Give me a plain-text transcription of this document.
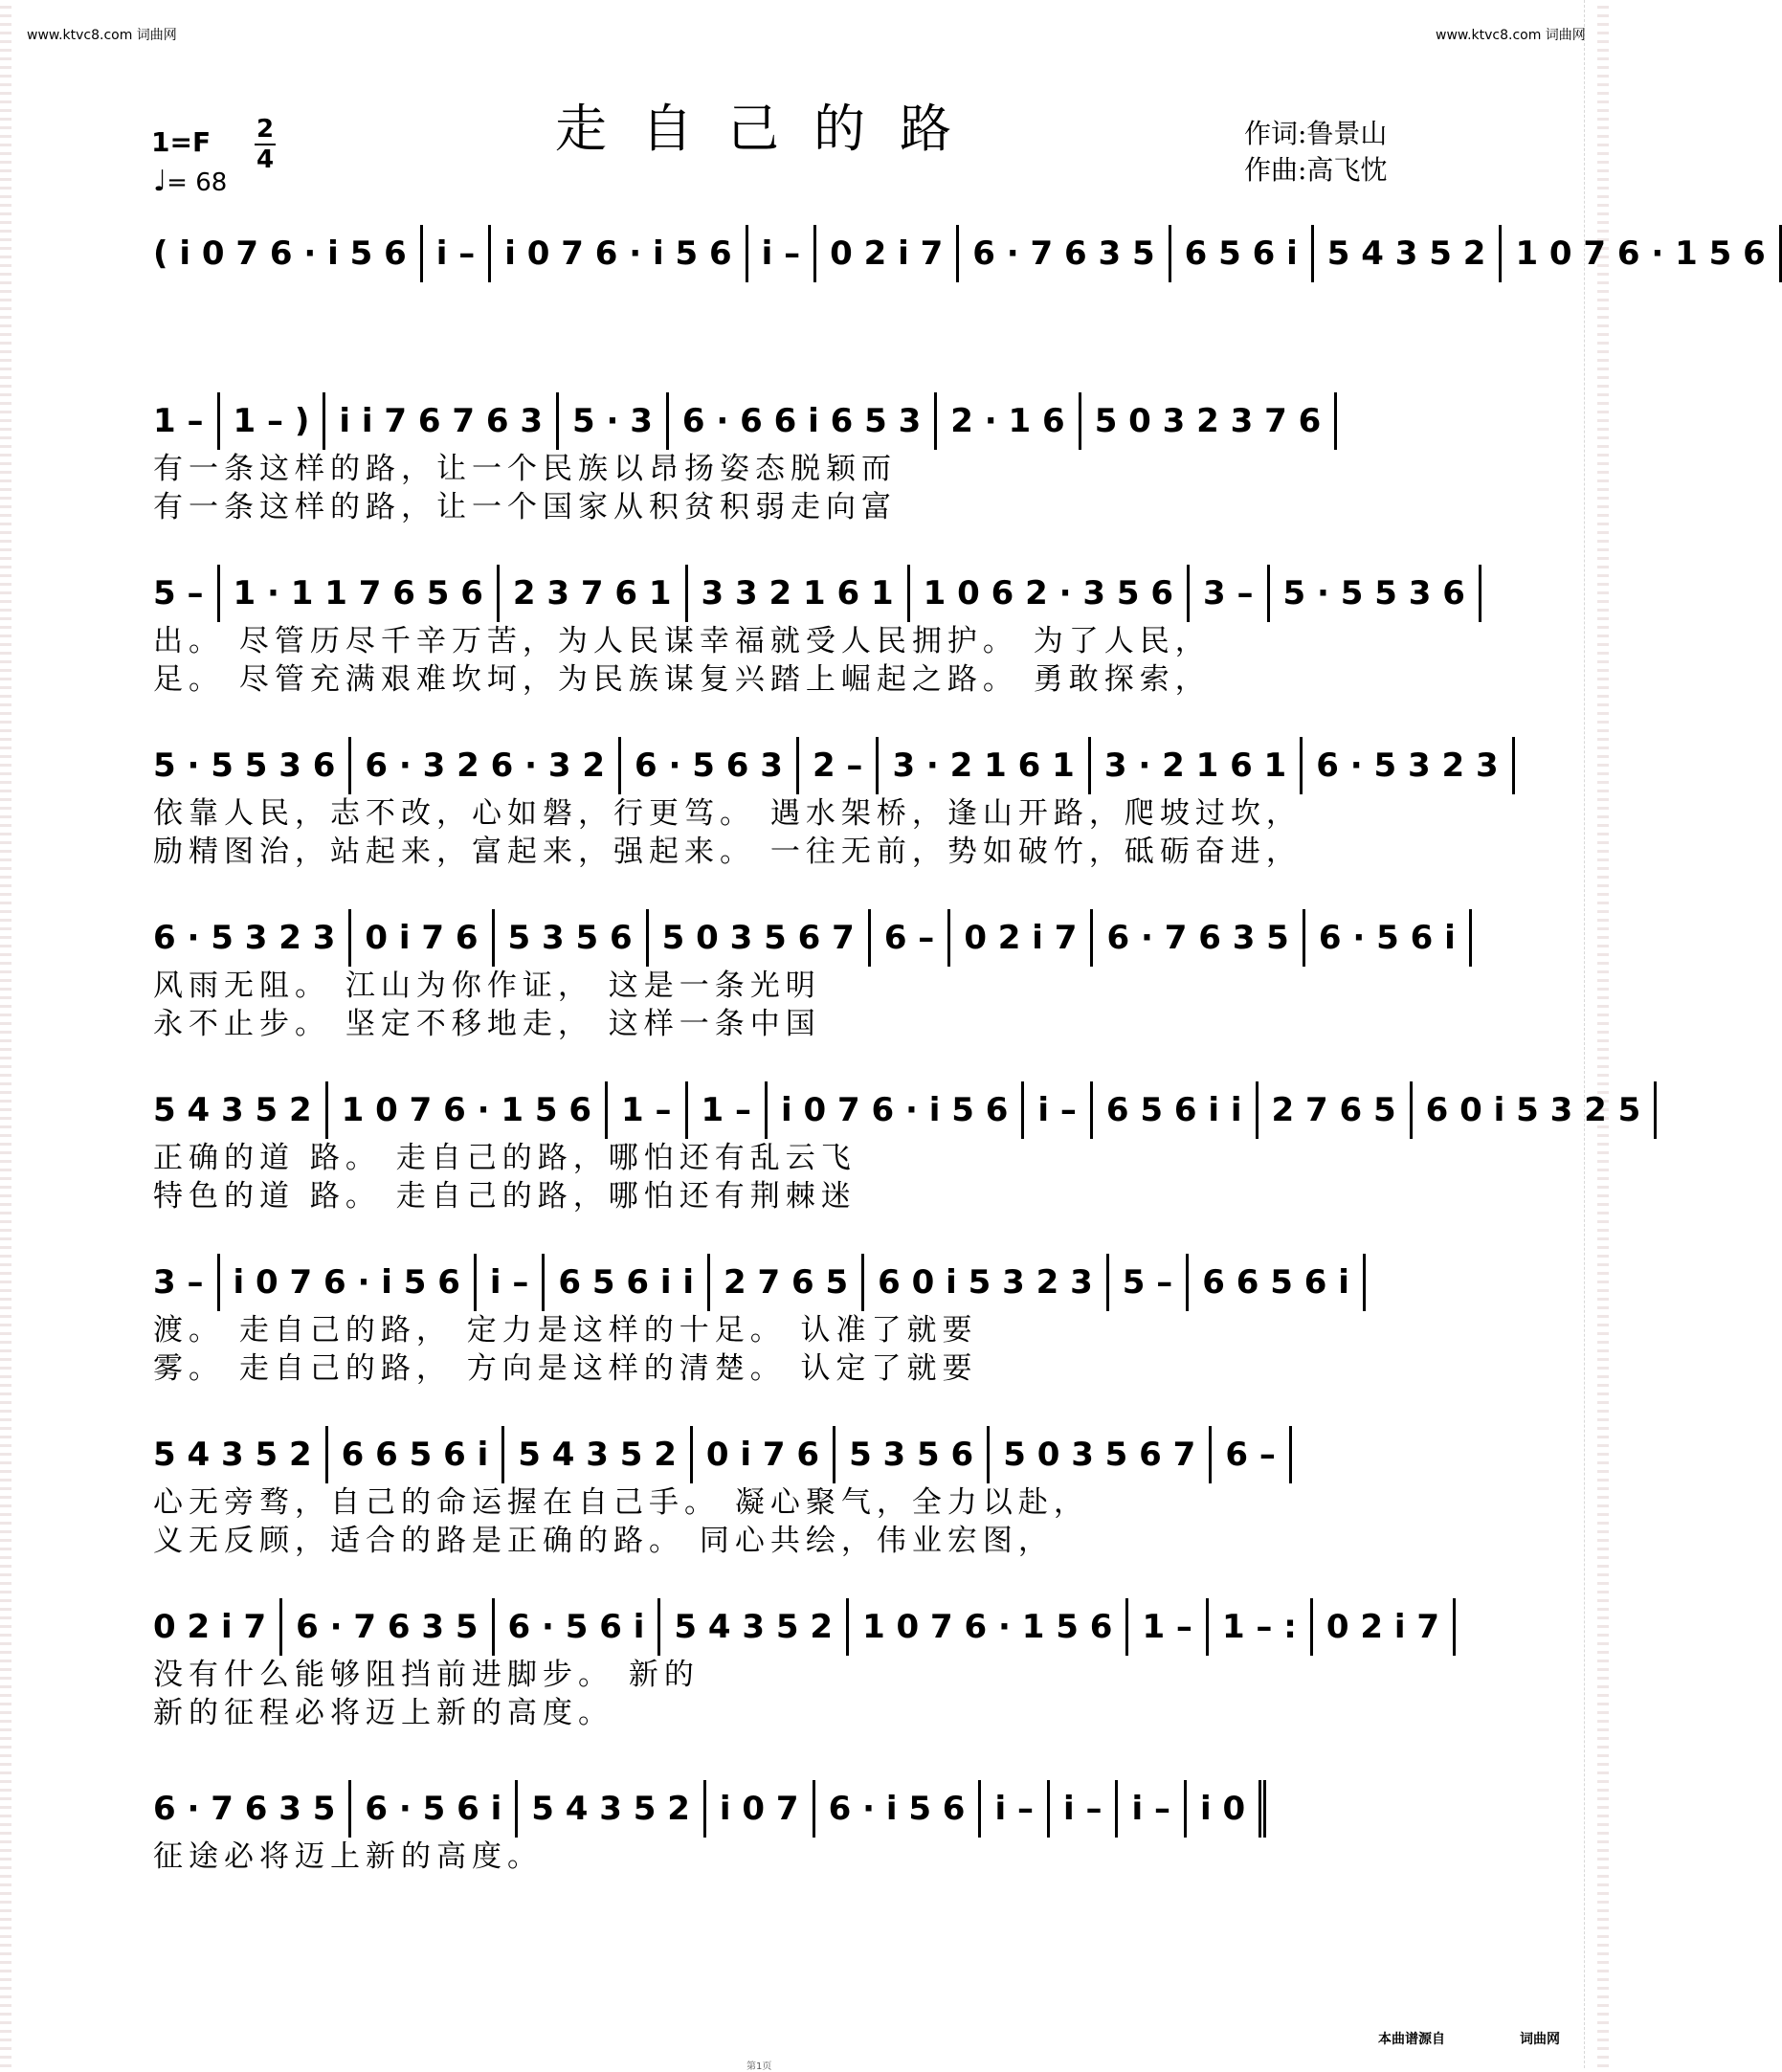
www.ktvc8.com 词曲网	www.ktvc8.com 词曲网
走自己的路
1=F 2
4
♩= 68
作词:鲁景山
作曲:高飞忱
( i 0 7 6 · i 5 6 i – i 0 7 6 · i 5 6 i – 0 2 i 7 6 · 7 6 3 5 6 5 6 i 5 4 3 5 2 1 0 7 6 · 1 5 6
1 – 1 – ) i i 7 6 7 6 3 5 · 3 6 · 6 6 i 6 5 3 2 · 1 6 5 0 3 2 3 7 6
有一条这样的路，让一个民族以昂扬姿态脱颖而
有一条这样的路，让一个国家从积贫积弱走向富
5 – 1 · 1 1 7 6 5 6 2 3 7 6 1 3 3 2 1 6 1 1 0 6 2 · 3 5 6 3 – 5 · 5 5 3 6
出。 尽管历尽千辛万苦，为人民谋幸福就受人民拥护。 为了人民，
足。 尽管充满艰难坎坷，为民族谋复兴踏上崛起之路。 勇敢探索，
5 · 5 5 3 6 6 · 3 2 6 · 3 2 6 · 5 6 3 2 – 3 · 2 1 6 1 3 · 2 1 6 1 6 · 5 3 2 3
依靠人民，志不改，心如磐，行更笃。 遇水架桥，逢山开路，爬坡过坎，
励精图治，站起来，富起来，强起来。 一往无前，势如破竹，砥砺奋进，
6 · 5 3 2 3 0 i 7 6 5 3 5 6 5 0 3 5 6 7 6 – 0 2 i 7 6 · 7 6 3 5 6 · 5 6 i
风雨无阻。 江山为你作证， 这是一条光明
永不止步。 坚定不移地走， 这样一条中国
5 4 3 5 2 1 0 7 6 · 1 5 6 1 – 1 – i 0 7 6 · i 5 6 i – 6 5 6 i i 2 7 6 5 6 0 i 5 3 2 5
正确的道 路。 走自己的路，哪怕还有乱云飞
特色的道 路。 走自己的路，哪怕还有荆棘迷
3 – i 0 7 6 · i 5 6 i – 6 5 6 i i 2 7 6 5 6 0 i 5 3 2 3 5 – 6 6 5 6 i
渡。 走自己的路， 定力是这样的十足。 认准了就要
雾。 走自己的路， 方向是这样的清楚。 认定了就要
5 4 3 5 2 6 6 5 6 i 5 4 3 5 2 0 i 7 6 5 3 5 6 5 0 3 5 6 7 6 –
心无旁骛，自己的命运握在自己手。 凝心聚气，全力以赴，
义无反顾，适合的路是正确的路。 同心共绘，伟业宏图，
0 2 i 7 6 · 7 6 3 5 6 · 5 6 i 5 4 3 5 2 1 0 7 6 · 1 5 6 1 – 1 – : 0 2 i 7
没有什么能够阻挡前进脚步。 新的
新的征程必将迈上新的高度。
6 · 7 6 3 5 6 · 5 6 i 5 4 3 5 2 i 0 7 6 · i 5 6 i – i – i – i 0
征途必将迈上新的高度。
本曲谱源自	词曲网
第1页
